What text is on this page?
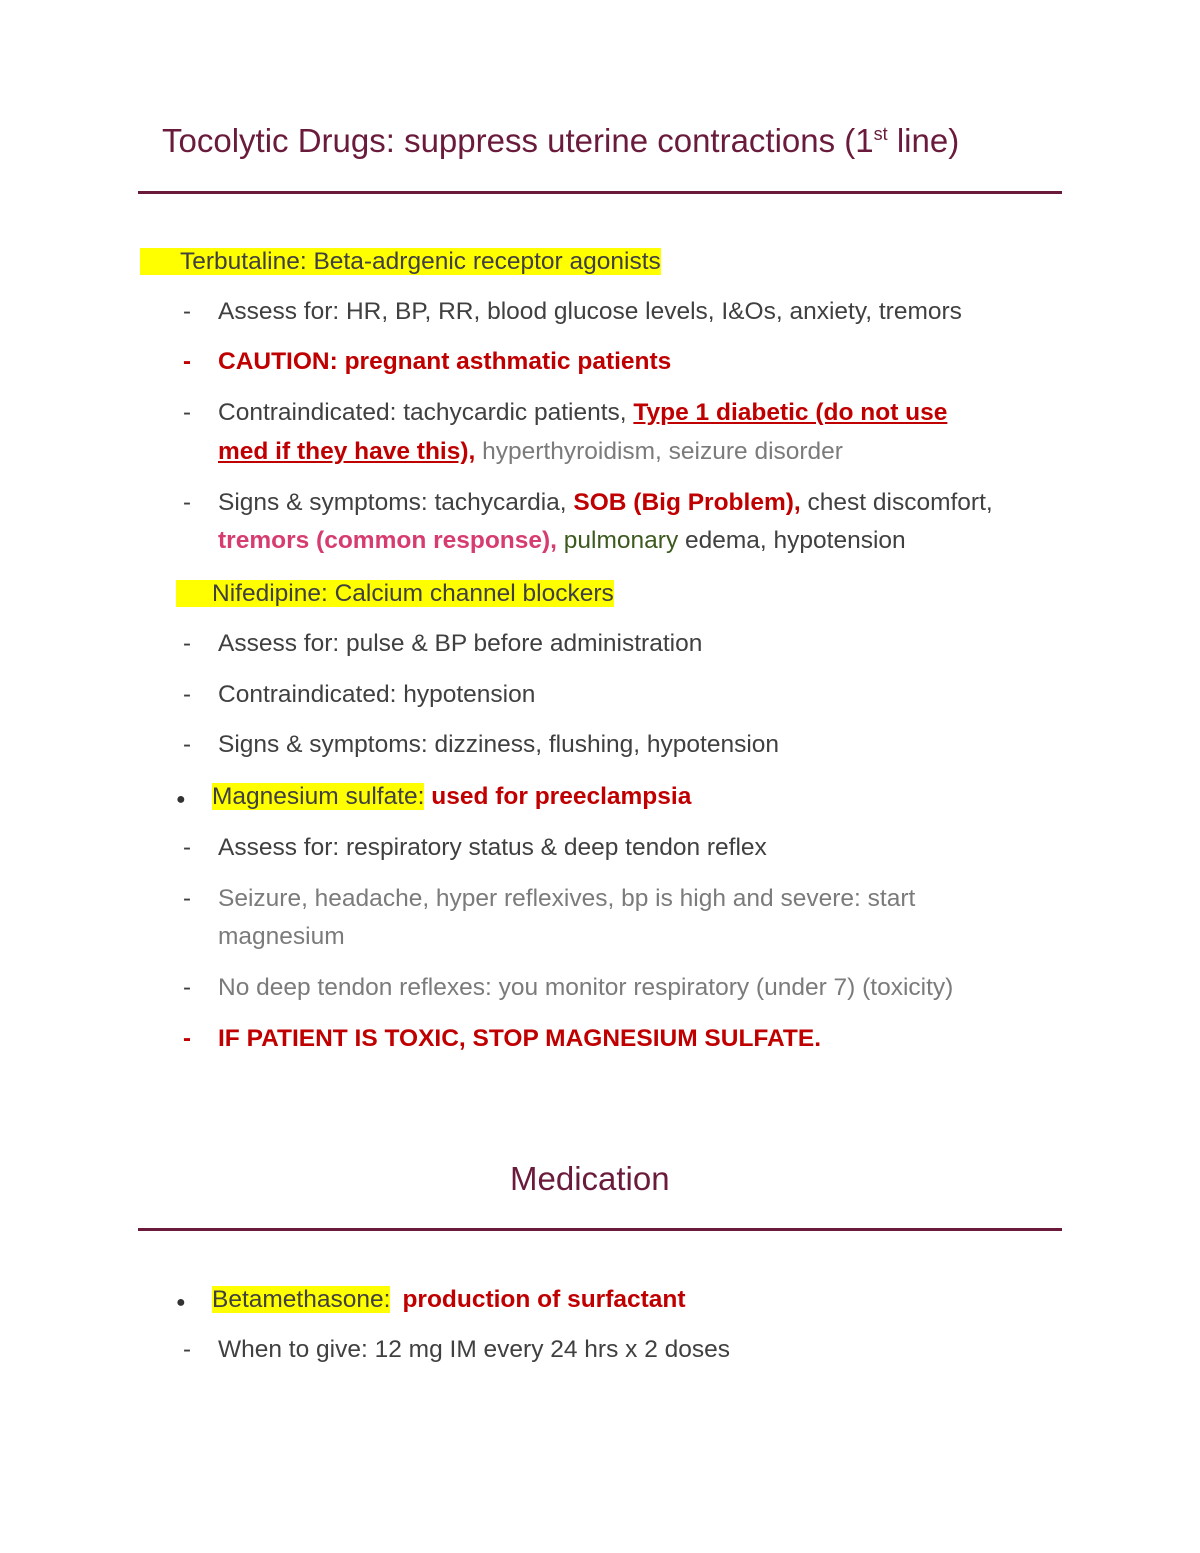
Tocolytic Drugs: suppress uterine contractions (1st line)
Terbutaline: Beta-adrgenic receptor agonists
- Assess for: HR, BP, RR, blood glucose levels, I&Os, anxiety, tremors
- CAUTION: pregnant asthmatic patients
- Contraindicated: tachycardic patients, Type 1 diabetic (do not use
med if they have this), hyperthyroidism, seizure disorder
- Signs & symptoms: tachycardia, SOB (Big Problem), chest discomfort,
tremors (common response), pulmonary edema, hypotension
Nifedipine: Calcium channel blockers
- Assess for: pulse & BP before administration
- Contraindicated: hypotension
- Signs & symptoms: dizziness, flushing, hypotension
● Magnesium sulfate: used for preeclampsia
- Assess for: respiratory status & deep tendon reflex
- Seizure, headache, hyper reflexives, bp is high and severe: start
magnesium
- No deep tendon reflexes: you monitor respiratory (under 7) (toxicity)
- IF PATIENT IS TOXIC, STOP MAGNESIUM SULFATE.
Medication
● Betamethasone: production of surfactant
- When to give: 12 mg IM every 24 hrs x 2 doses
